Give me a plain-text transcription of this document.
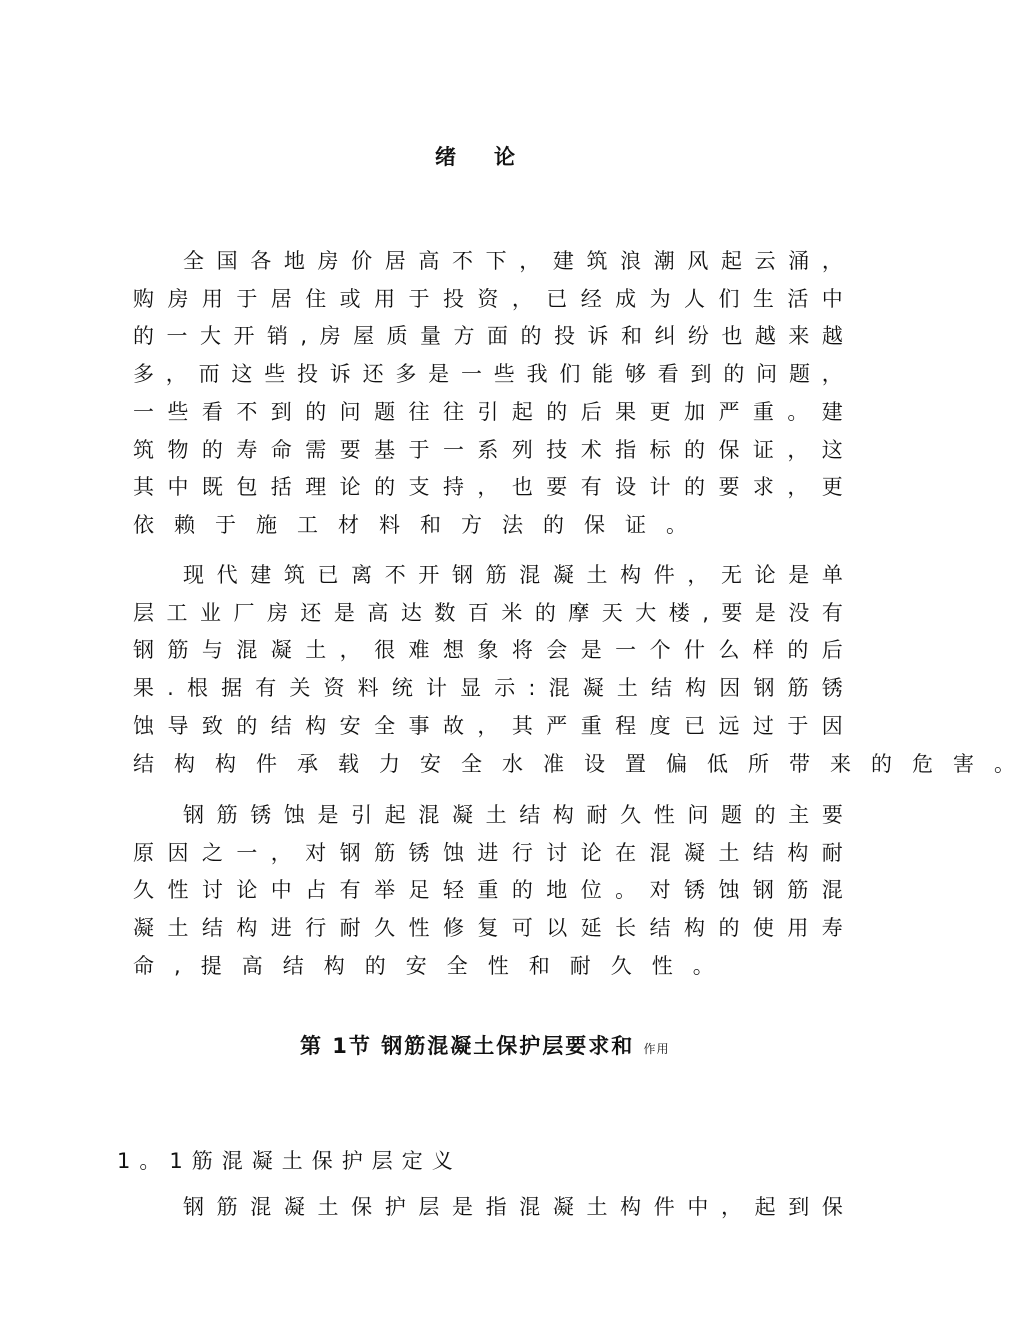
绪论
全 国 各 地 房 价 居 高 不 下 ， 建 筑 浪 潮 风 起 云 涌 ，
购 房 用 于 居 住 或 用 于 投 资 ， 已 经 成 为 人 们 生 活 中
的 一 大 开 销 , 房 屋 质 量 方 面 的 投 诉 和 纠 纷 也 越 来 越
多 ， 而 这 些 投 诉 还 多 是 一 些 我 们 能 够 看 到 的 问 题 ，
一 些 看 不 到 的 问 题 往 往 引 起 的 后 果 更 加 严 重 。 建
筑 物 的 寿 命 需 要 基 于 一 系 列 技 术 指 标 的 保 证 ， 这
其 中 既 包 括 理 论 的 支 持 ， 也 要 有 设 计 的 要 求 ， 更
依 赖 于 施 工 材 料 和 方 法 的 保 证 。
现 代 建 筑 已 离 不 开 钢 筋 混 凝 土 构 件 ， 无 论 是 单
层 工 业 厂 房 还 是 高 达 数 百 米 的 摩 天 大 楼 , 要 是 没 有
钢 筋 与 混 凝 土 ， 很 难 想 象 将 会 是 一 个 什 么 样 的 后
果 . 根 据 有 关 资 料 统 计 显 示 : 混 凝 土 结 构 因 钢 筋 锈
蚀 导 致 的 结 构 安 全 事 故 ， 其 严 重 程 度 已 远 过 于 因
结 构 构 件 承 载 力 安 全 水 准 设 置 偏 低 所 带 来 的 危 害 。
钢 筋 锈 蚀 是 引 起 混 凝 土 结 构 耐 久 性 问 题 的 主 要
原 因 之 一 ， 对 钢 筋 锈 蚀 进 行 讨 论 在 混 凝 土 结 构 耐
久 性 讨 论 中 占 有 举 足 轻 重 的 地 位 。 对 锈 蚀 钢 筋 混
凝 土 结 构 进 行 耐 久 性 修 复 可 以 延 长 结 构 的 使 用 寿
命 , 提 高 结 构 的 安 全 性 和 耐 久 性 。
第 1节 钢筋混凝土保护层要求和 作用
1。1筋混凝土保护层定义
钢 筋 混 凝 土 保 护 层 是 指 混 凝 土 构 件 中 ， 起 到 保
